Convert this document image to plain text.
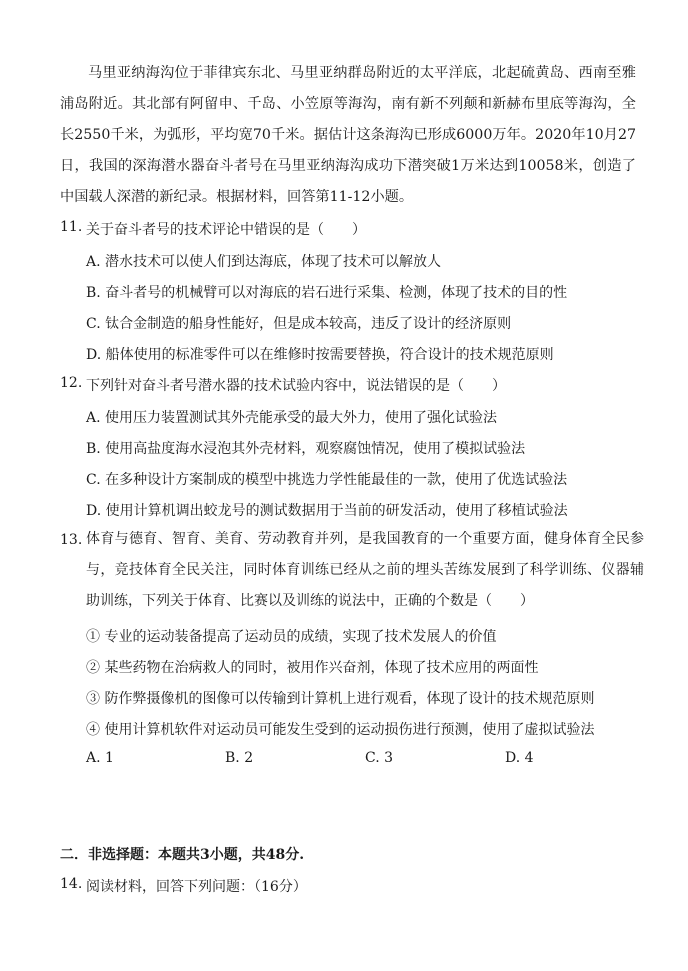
马里亚纳海沟位于菲律宾东北、马里亚纳群岛附近的太平洋底，北起硫黄岛、西南至雅浦岛附近。其北部有阿留申、千岛、小笠原等海沟，南有新不列颠和新赫布里底等海沟，全长2550千米，为弧形，平均宽70千米。据估计这条海沟已形成6000万年。2020年10月27日，我国的深海潜水器奋斗者号在马里亚纳海沟成功下潜突破1万米达到10058米，创造了中国载人深潜的新纪录。根据材料，回答第11-12小题。
11. 关于奋斗者号的技术评论中错误的是（　　）
A. 潜水技术可以使人们到达海底，体现了技术可以解放人
B. 奋斗者号的机械臂可以对海底的岩石进行采集、检测，体现了技术的目的性
C. 钛合金制造的船身性能好，但是成本较高，违反了设计的经济原则
D. 船体使用的标准零件可以在维修时按需要替换，符合设计的技术规范原则
12. 下列针对奋斗者号潜水器的技术试验内容中，说法错误的是（　　）
A. 使用压力装置测试其外壳能承受的最大外力，使用了强化试验法
B. 使用高盐度海水浸泡其外壳材料，观察腐蚀情况，使用了模拟试验法
C. 在多种设计方案制成的模型中挑选力学性能最佳的一款，使用了优选试验法
D. 使用计算机调出蛟龙号的测试数据用于当前的研发活动，使用了移植试验法
13. 体育与德育、智育、美育、劳动教育并列，是我国教育的一个重要方面，健身体育全民参与，竞技体育全民关注，同时体育训练已经从之前的埋头苦练发展到了科学训练、仪器辅助训练，下列关于体育、比赛以及训练的说法中，正确的个数是（　　）
① 专业的运动装备提高了运动员的成绩，实现了技术发展人的价值
② 某些药物在治病救人的同时，被用作兴奋剂，体现了技术应用的两面性
③ 防作弊摄像机的图像可以传输到计算机上进行观看，体现了设计的技术规范原则
④ 使用计算机软件对运动员可能发生受到的运动损伤进行预测，使用了虚拟试验法
A. 1	B. 2	C. 3	D. 4
二．非选择题：本题共3小题，共48分.
14. 阅读材料，回答下列问题：（16分）
